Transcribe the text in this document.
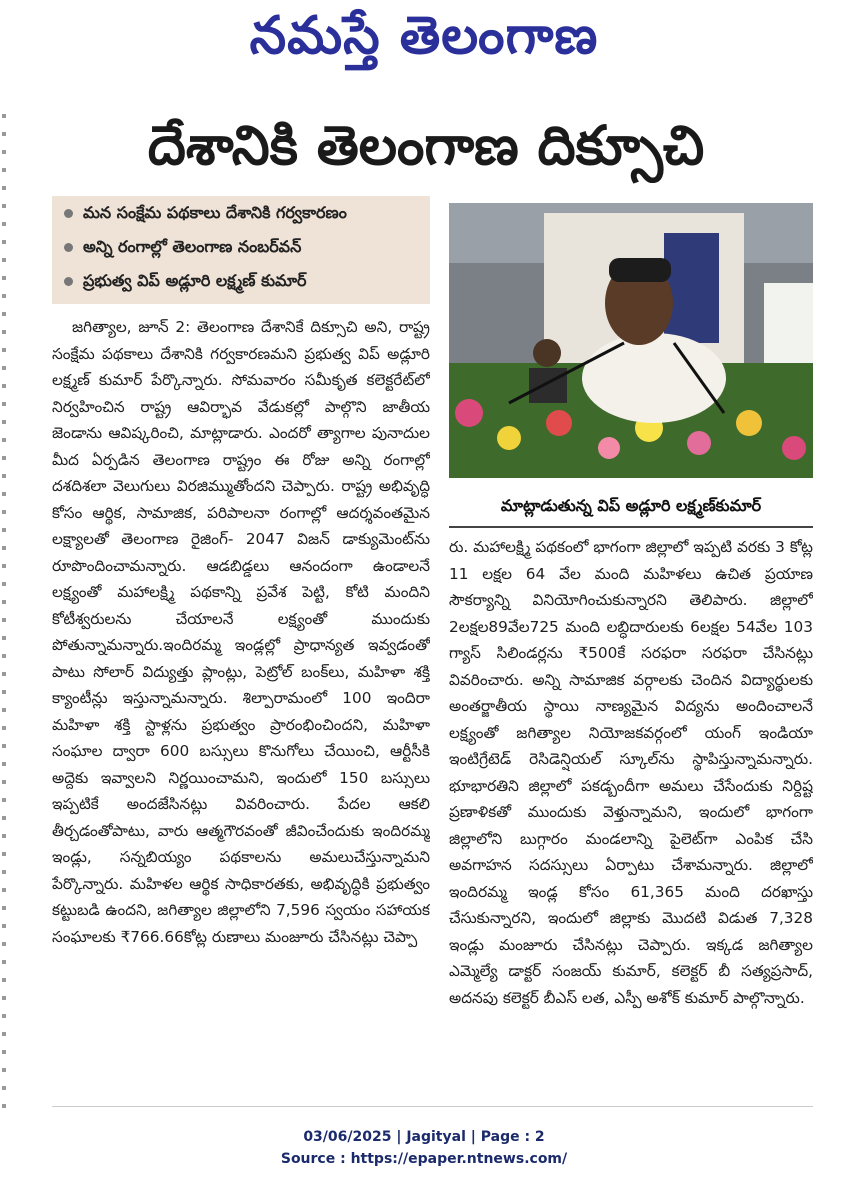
నమస్తే తెలంగాణ
దేశానికి తెలంగాణ దిక్సూచి
మన సంక్షేమ పథకాలు దేశానికి గర్వకారణం
అన్ని రంగాల్లో తెలంగాణ నంబర్‌వన్
ప్రభుత్వ విప్ అడ్లూరి లక్ష్మణ్ కుమార్
మాట్లాడుతున్న విప్ అడ్లూరి లక్ష్మణ్‌కుమార్

జగిత్యాల, జూన్ 2: తెలంగాణ దేశానికే దిక్సూచి అని, రాష్ట్ర సంక్షేమ పథకాలు దేశానికి గర్వకారణమని ప్రభుత్వ విప్ అడ్లూరి లక్ష్మణ్ కుమార్ పేర్కొన్నారు. సోమవారం సమీకృత కలెక్టరేట్‌లో నిర్వహించిన రాష్ట్ర ఆవిర్భావ వేడుకల్లో పాల్గొని జాతీయ జెండాను ఆవిష్కరించి, మాట్లాడారు. ఎందరో త్యాగాల పునాదుల మీద ఏర్పడిన తెలంగాణ రాష్ట్రం ఈ రోజు అన్ని రంగాల్లో దశదిశలా వెలుగులు విరజిమ్ముతోందని చెప్పారు. రాష్ట్ర అభివృద్ధి కోసం ఆర్థిక, సామాజిక, పరిపాలనా రంగాల్లో ఆదర్శవంతమైన లక్ష్యాలతో తెలంగాణ రైజింగ్- 2047 విజన్ డాక్యుమెంట్‌ను రూపొందించామన్నారు. ఆడబిడ్డలు ఆనందంగా ఉండాలనే లక్ష్యంతో మహాలక్ష్మి పథకాన్ని ప్రవేశ పెట్టి, కోటి మందిని కోటీశ్వరులను చేయాలనే లక్ష్యంతో ముందుకు పోతున్నామన్నారు.ఇందిరమ్మ ఇండ్లల్లో ప్రాధాన్యత ఇవ్వడంతో పాటు సోలార్ విద్యుత్తు ప్లాంట్లు, పెట్రోల్ బంక్‌లు, మహిళా శక్తి క్యాంటీన్లు ఇస్తున్నామన్నారు. శిల్పారామంలో 100 ఇందిరా మహిళా శక్తి స్టాళ్లను ప్రభుత్వం ప్రారంభించిందని, మహిళా సంఘాల ద్వారా 600 బస్సులు కొనుగోలు చేయించి, ఆర్టీసీకి అద్దెకు ఇవ్వాలని నిర్ణయించామని, ఇందులో 150 బస్సులు ఇప్పటికే అందజేసినట్లు వివరించారు. పేదల ఆకలి తీర్చడంతోపాటు, వారు ఆత్మగౌరవంతో జీవించేందుకు ఇందిరమ్మ ఇండ్లు, సన్నబియ్యం పథకాలను అమలుచేస్తున్నామని పేర్కొన్నారు. మహిళల ఆర్థిక సాధికారతకు, అభివృద్ధికి ప్రభుత్వం కట్టుబడి ఉందని, జగిత్యాల జిల్లాలోని 7,596 స్వయం సహాయక సంఘాలకు ₹766.66కోట్ల రుణాలు మంజూరు చేసినట్లు చెప్పా

రు. మహాలక్ష్మి పథకంలో భాగంగా జిల్లాలో ఇప్పటి వరకు 3 కోట్ల 11 లక్షల 64 వేల మంది మహిళలు ఉచిత ప్రయాణ సౌకర్యాన్ని వినియోగించుకున్నారని తెలిపారు. జిల్లాలో 2లక్షల89వేల725 మంది లబ్ధిదారులకు 6లక్షల 54వేల 103 గ్యాస్ సిలిండర్లను ₹500కే సరఫరా సరఫరా చేసినట్లు వివరించారు. అన్ని సామాజిక వర్గాలకు చెందిన విద్యార్థులకు అంతర్జాతీయ స్థాయి నాణ్యమైన విద్యను అందించాలనే లక్ష్యంతో జగిత్యాల నియోజకవర్గంలో యంగ్ ఇండియా ఇంటిగ్రేటెడ్ రెసిడెన్షియల్ స్కూల్‌ను స్థాపిస్తున్నామన్నారు. భూభారతిని జిల్లాలో పకడ్బందీగా అమలు చేసేందుకు నిర్దిష్ట ప్రణాళికతో ముందుకు వెళ్తున్నామని, ఇందులో భాగంగా జిల్లాలోని బుగ్గారం మండలాన్ని పైలెట్‌గా ఎంపిక చేసి అవగాహన సదస్సులు ఏర్పాటు చేశామన్నారు. జిల్లాలో ఇందిరమ్మ ఇండ్ల కోసం 61,365 మంది దరఖాస్తు చేసుకున్నారని, ఇందులో జిల్లాకు మొదటి విడుత 7,328 ఇండ్లు మంజూరు చేసినట్లు చెప్పారు. ఇక్కడ జగిత్యాల ఎమ్మెల్యే డాక్టర్ సంజయ్ కుమార్, కలెక్టర్ బీ సత్యప్రసాద్, అదనపు కలెక్టర్ బీఎస్ లత, ఎస్పీ అశోక్ కుమార్ పాల్గొన్నారు.

03/06/2025 | Jagityal | Page : 2
Source : https://epaper.ntnews.com/
